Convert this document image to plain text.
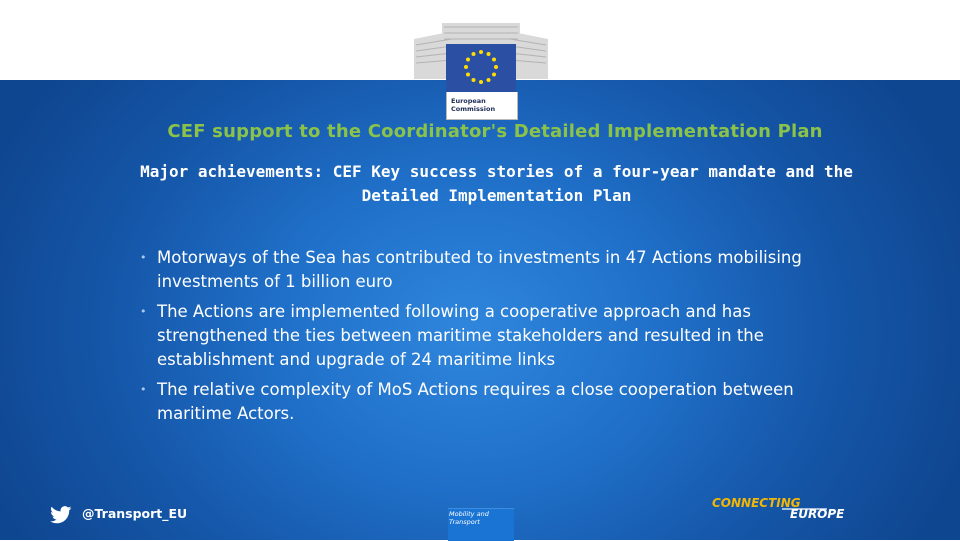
European
Commission
CEF support to the Coordinator's Detailed Implementation Plan
Major achievements: CEF Key success stories of a four-year mandate and the Detailed Implementation Plan
• Motorways of the Sea has contributed to investments in 47 Actions mobilising investments of 1 billion euro
• The Actions are implemented following a cooperative approach and has strengthened the ties between maritime stakeholders and resulted in the establishment and upgrade of 24 maritime links
• The relative complexity of MoS Actions requires a close cooperation between maritime Actors.
@Transport_EU	Mobility and
Transport
CONNECTING
EUROPE
